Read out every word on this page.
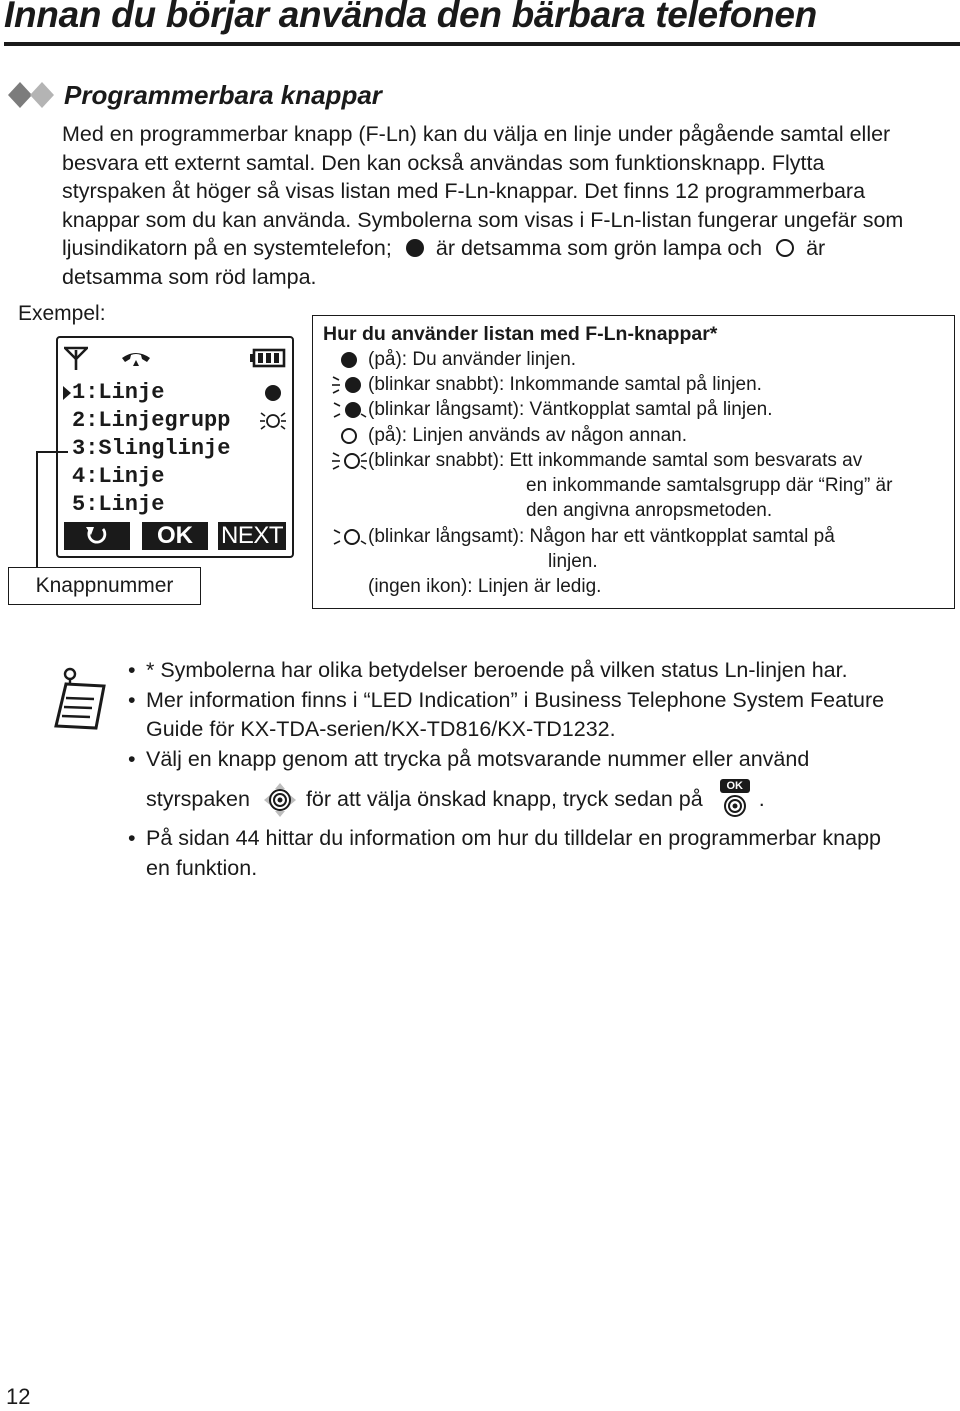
Innan du börjar använda den bärbara telefonen
Programmerbara knappar

Med en programmerbar knapp (F-Ln) kan du välja en linje under pågående samtal eller

besvara ett externt samtal. Den kan också användas som funktionsknapp. Flytta

styrspaken åt höger så visas listan med F-Ln-knappar. Det finns 12 programmerbara

knappar som du kan använda. Symbolerna som visas i F-Ln-listan fungerar ungefär som

ljusindikatorn på en systemtelefon; är detsamma som grön lampa och är

detsamma som röd lampa.

Exempel:
1:Linje
2:Linjegrupp
3:Slinglinje
4:Linje
5:Linje
OK	NEXT
Knappnummer
Hur du använder listan med F-Ln-knappar*
(på): Du använder linjen.
(blinkar snabbt): Inkommande samtal på linjen.
(blinkar långsamt): Väntkopplat samtal på linjen.
(på): Linjen används av någon annan.
(blinkar snabbt): Ett inkommande samtal som besvarats av
en inkommande samtalsgrupp där “Ring” är
den angivna anropsmetoden.
(blinkar långsamt): Någon har ett väntkopplat samtal på
linjen.
(ingen ikon): Linjen är ledig.

• * Symbolerna har olika betydelser beroende på vilken status Ln-linjen har.

• Mer information finns i “LED Indication” i Business Telephone System Feature

Guide för KX-TDA-serien/KX-TD816/KX-TD1232.

• Välj en knapp genom att trycka på motsvarande nummer eller använd

styrspaken	för att välja önskad knapp, tryck sedan på
OK
.

• På sidan 44 hittar du information om hur du tilldelar en programmerbar knapp

en funktion.

12
